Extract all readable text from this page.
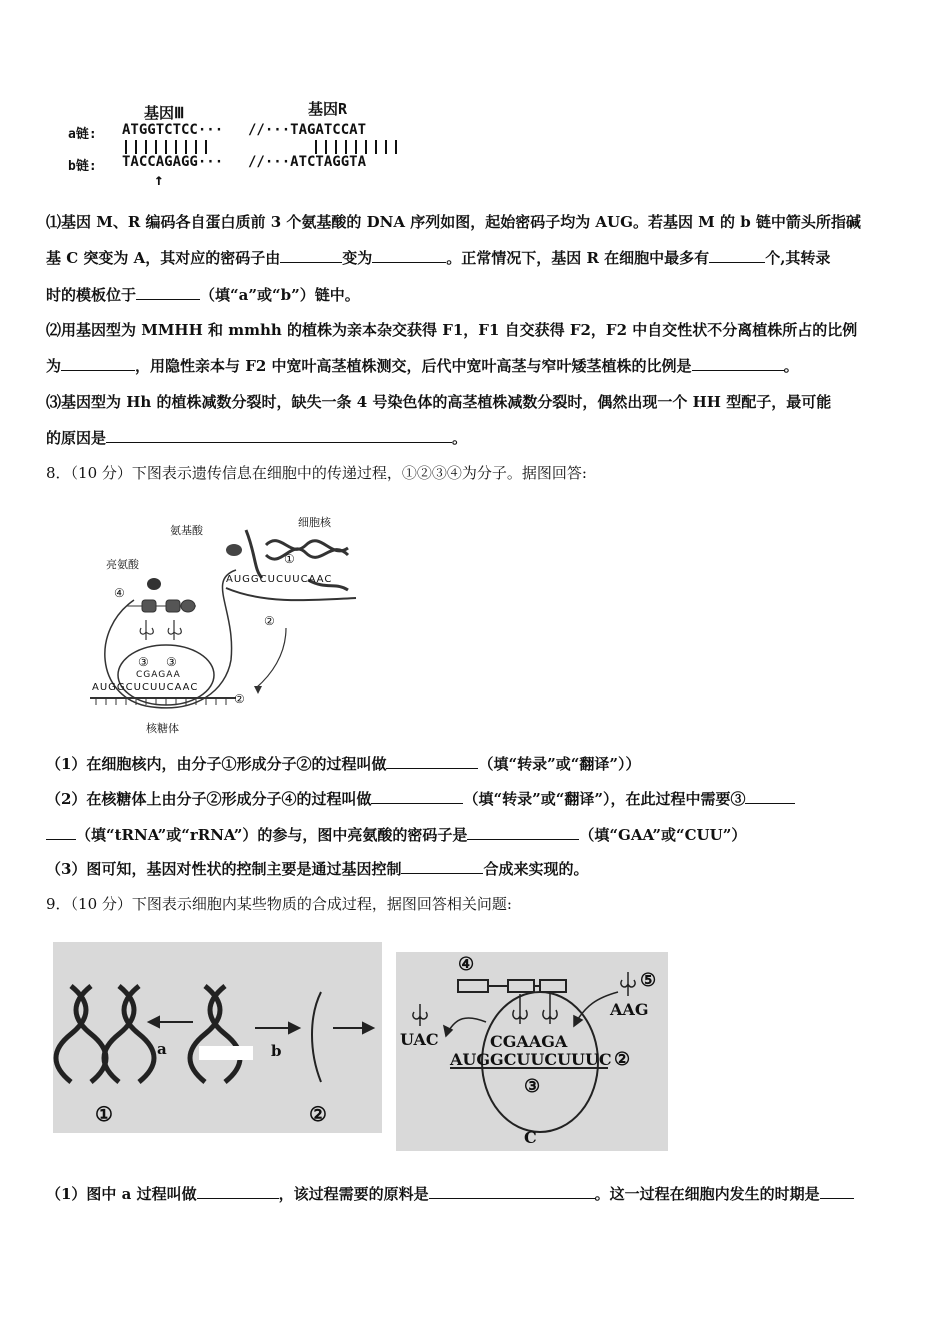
基因Ⅲ	基因R
a链: ATGGTCTCC··· //···TAGATCCAT
b链: TACCAGAGG··· //···ATCTAGGTA
↑
⑴基因 M、R 编码各自蛋白质前 3 个氨基酸的 DNA 序列如图，起始密码子均为 AUG。若基因 M 的 b 链中箭头所指碱
基 C 突变为 A，其对应的密码子由	变为	。正常情况下，基因 R 在细胞中最多有	个,其转录
时的模板位于	（填“a”或“b”）链中。
⑵用基因型为 MMHH 和 mmhh 的植株为亲本杂交获得 F1，F1 自交获得 F2，F2 中自交性状不分离植株所占的比例
为	，用隐性亲本与 F2 中宽叶高茎植株测交，后代中宽叶高茎与窄叶矮茎植株的比例是	。
⑶基因型为 Hh 的植株减数分裂时，缺失一条 4 号染色体的高茎植株减数分裂时，偶然出现一个 HH 型配子，最可能
的原因是	。
8．（10 分）下图表示遗传信息在细胞中的传递过程，①②③④为分子。据图回答:
氨基酸
细胞核
亮氨酸
核糖体
①
②
②
③ ③
④
AUGGCUCUUCAAC
CGAGAA
AUGGCUCUUCAAC
（1）在细胞核内，由分子①形成分子②的过程叫做	（填“转录”或“翻译”））
（2）在核糖体上由分子②形成分子④的过程叫做	（填“转录”或“翻译”），在此过程中需要③
（填“tRNA”或“rRNA”）的参与，图中亮氨酸的密码子是	（填“GAA”或“CUU”）
（3）图可知，基因对性状的控制主要是通过基因控制	合成来实现的。
9．（10 分）下图表示细胞内某些物质的合成过程，据图回答相关问题:
a	b
①	②
④
⑤
UAC
AAG
CGAAGA
AUGGCUUCUUUC ②
③
C
（1）图中 a 过程叫做	，该过程需要的原料是	。这一过程在细胞内发生的时期是
